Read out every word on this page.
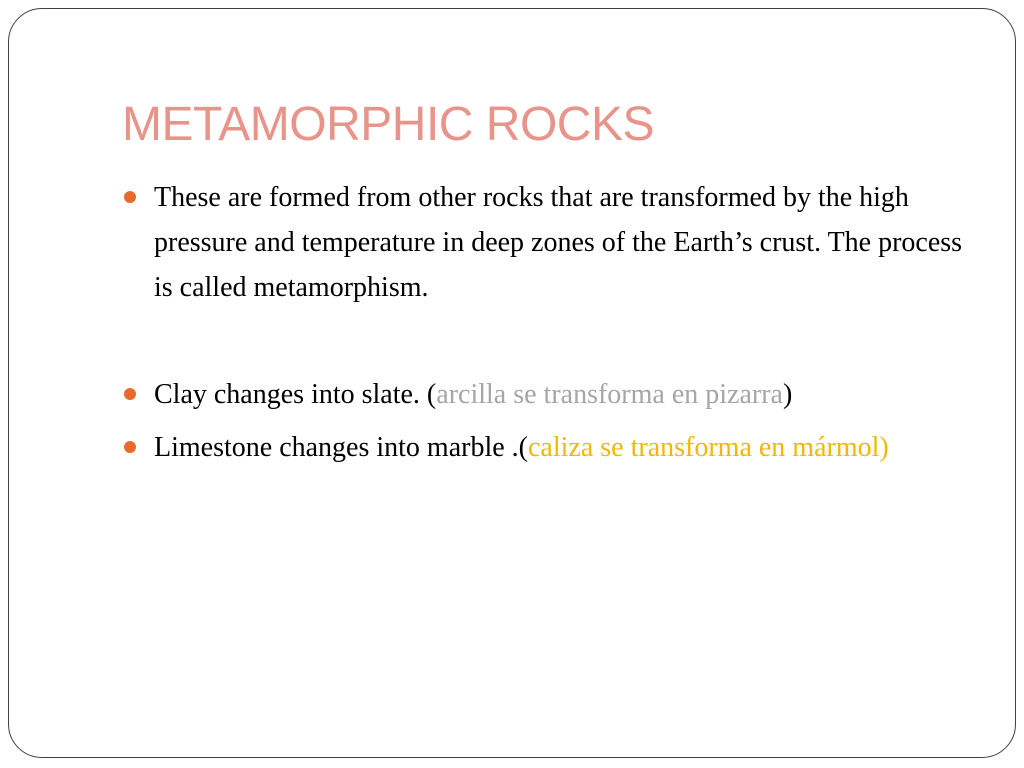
METAMORPHIC ROCKS

These are formed from other rocks that are transformed by the high pressure and temperature in deep zones of the Earth’s crust. The process is called metamorphism.

Clay changes into slate. (arcilla se transforma en pizarra)

Limestone changes into marble .(caliza se transforma en mármol)
